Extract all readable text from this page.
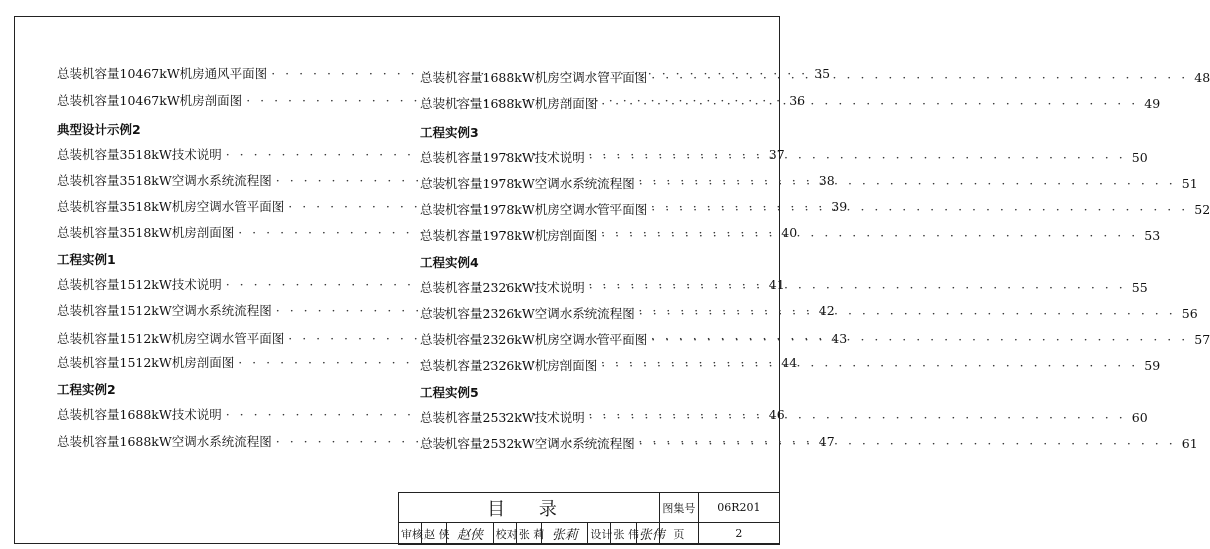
总装机容量10467kW机房通风平面图 · · ·	35
总装机容量10467kW机房剖面图 · · ·	36
典型设计示例2
总装机容量3518kW技术说明 · · ·	37
总装机容量3518kW空调水系统流程图 · · ·	38
总装机容量3518kW机房空调水管平面图 · · ·	39
总装机容量3518kW机房剖面图 · · ·	40
工程实例1
总装机容量1512kW技术说明 · · ·	41
总装机容量1512kW空调水系统流程图 · · ·	42
总装机容量1512kW机房空调水管平面图 · · ·	43
总装机容量1512kW机房剖面图 · · ·	44
工程实例2
总装机容量1688kW技术说明 · · ·	46
总装机容量1688kW空调水系统流程图 · · ·	47
总装机容量1688kW机房空调水管平面图 · · ·	48
总装机容量1688kW机房剖面图 · · ·	49
工程实例3
总装机容量1978kW技术说明 · · ·	50
总装机容量1978kW空调水系统流程图 · · ·	51
总装机容量1978kW机房空调水管平面图 · · ·	52
总装机容量1978kW机房剖面图 · · ·	53
工程实例4
总装机容量2326kW技术说明 · · ·	55
总装机容量2326kW空调水系统流程图 · · ·	56
总装机容量2326kW机房空调水管平面图 · · ·	57
总装机容量2326kW机房剖面图 · · ·	59
工程实例5
总装机容量2532kW技术说明 · · ·	60
总装机容量2532kW空调水系统流程图 · · ·	61
目 录									图集号	06R201
审核	赵 侠	赵侠	校对	张 莉	张莉	设计	张 伟	张伟	页	2
